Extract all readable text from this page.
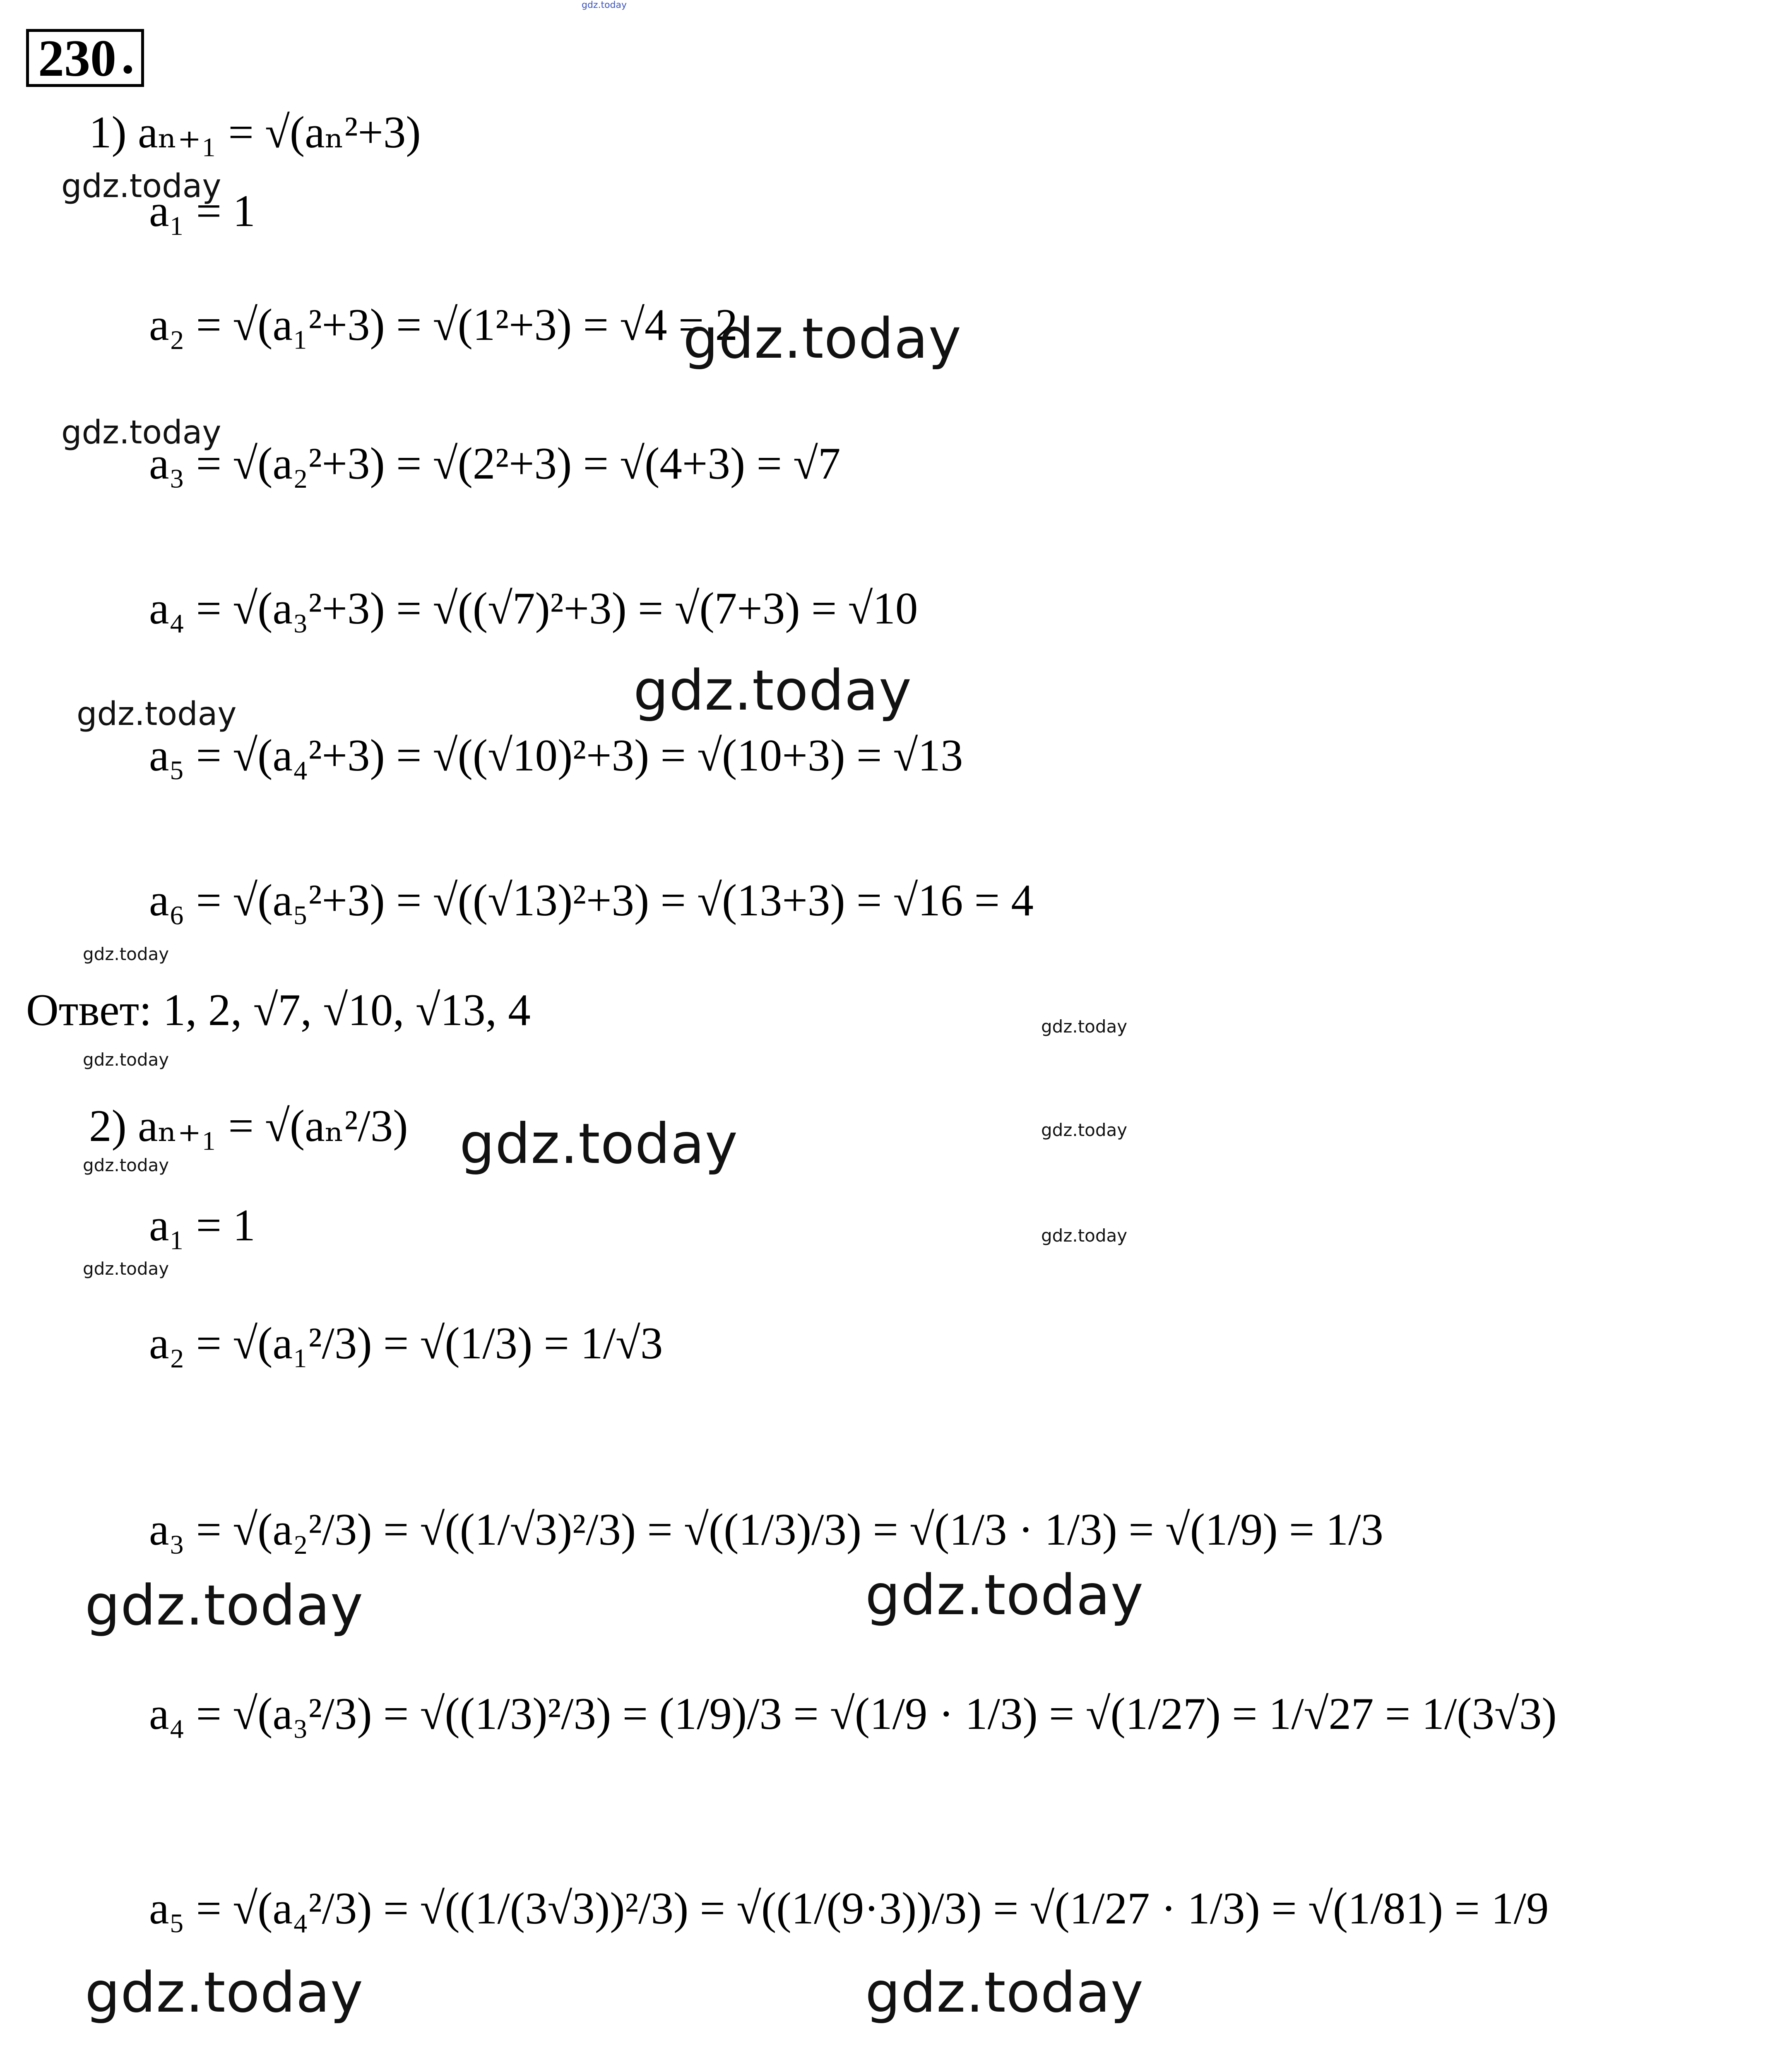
gdz.today
230 .
1) aₙ₊₁ = √(aₙ²+3)
a₁ = 1
a₂ = √(a₁²+3) = √(1²+3) = √4 = 2
a₃ = √(a₂²+3) = √(2²+3) = √(4+3) = √7
a₄ = √(a₃²+3) = √((√7)²+3) = √(7+3) = √10
a₅ = √(a₄²+3) = √((√10)²+3) = √(10+3) = √13
a₆ = √(a₅²+3) = √((√13)²+3) = √(13+3) = √16 = 4
Ответ: 1, 2, √7, √10, √13, 4
2) aₙ₊₁ = √(aₙ²/3)
a₁ = 1
a₂ = √(a₁²/3) = √(1/3) = 1/√3
a₃ = √(a₂²/3) = √((1/√3)²/3) = √((1/3)/3) = √(1/3 · 1/3) = √(1/9) = 1/3
a₄ = √(a₃²/3) = √((1/3)²/3) = (1/9)/3 = √(1/9 · 1/3) = √(1/27) = 1/√27 = 1/(3√3)
a₅ = √(a₄²/3) = √((1/(3√3))²/3) = √((1/(9·3))/3) = √(1/27 · 1/3) = √(1/81) = 1/9
gdz.today
gdz.today
gdz.today
gdz.today
gdz.today
gdz.today
gdz.today
gdz.today
gdz.today	gdz.today
gdz.today
gdz.today
gdz.today
gdz.today	gdz.today
gdz.today	gdz.today
